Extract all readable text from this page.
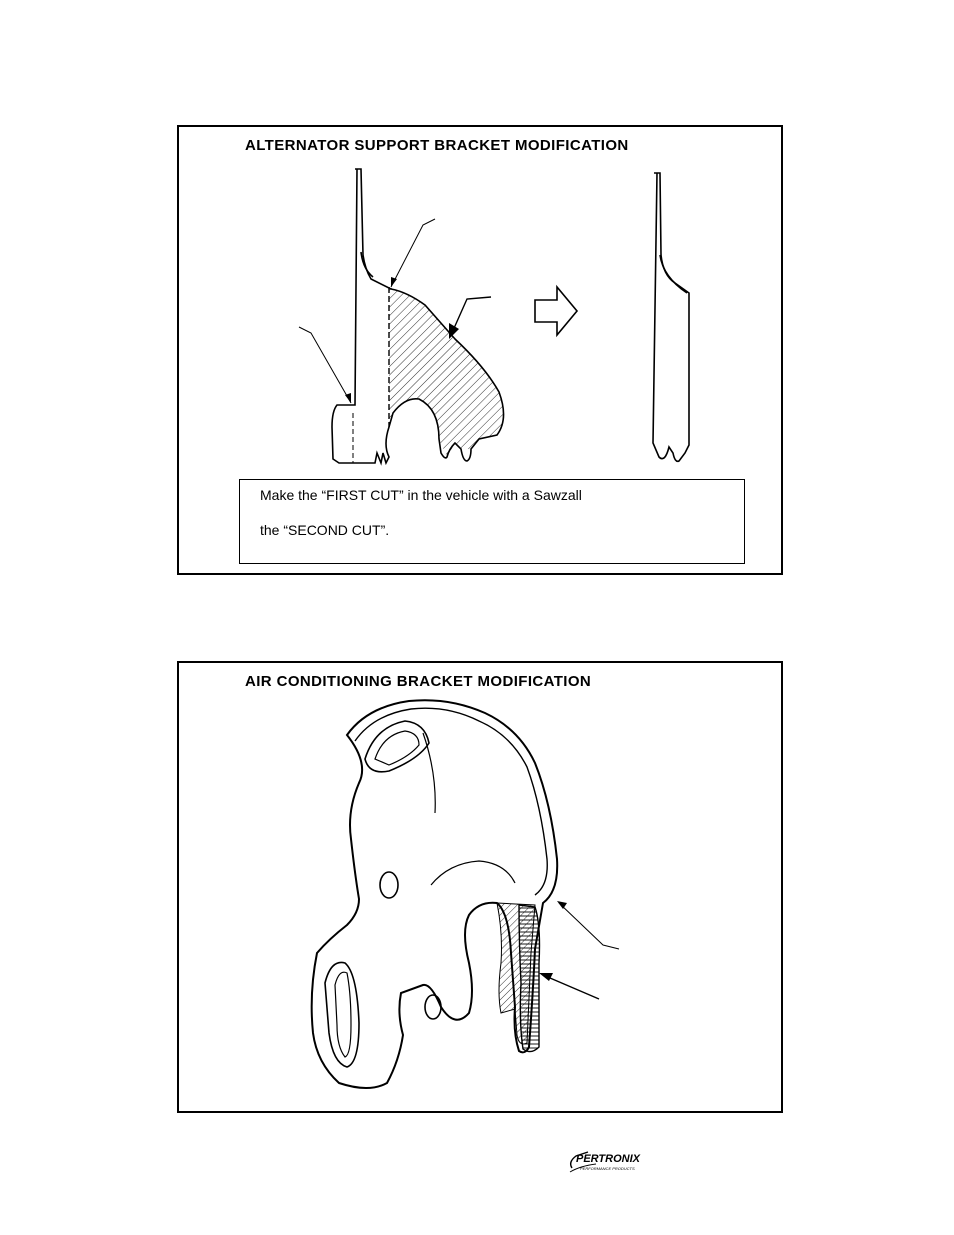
ALTERNATOR SUPPORT BRACKET MODIFICATION
Make the “FIRST CUT” in the vehicle with a Sawzall
the “SECOND CUT”.
AIR CONDITIONING BRACKET MODIFICATION
PERTRONIX
PERFORMANCE PRODUCTS
